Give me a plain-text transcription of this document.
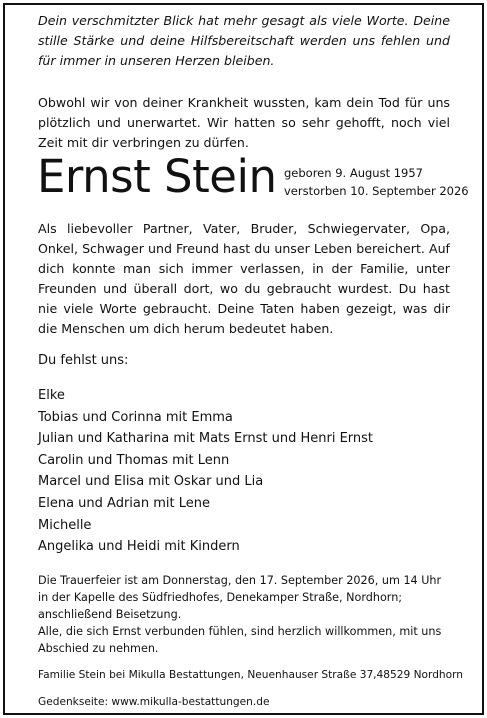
Dein verschmitzter Blick hat mehr gesagt als viele Worte. Deine stille Stärke und deine Hilfsbereitschaft werden uns fehlen und für immer in unseren Herzen bleiben.

Obwohl wir von deiner Krankheit wussten, kam dein Tod für uns plötzlich und unerwartet. Wir hatten so sehr gehofft, noch viel Zeit mit dir verbringen zu dürfen.

Ernst Stein geboren 9. August 1957
verstorben 10. September 2026

Als liebevoller Partner, Vater, Bruder, Schwiegervater, Opa, Onkel, Schwager und Freund hast du unser Leben bereichert. Auf dich konnte man sich immer verlassen, in der Familie, unter Freunden und überall dort, wo du gebraucht wurdest. Du hast nie viele Worte gebraucht. Deine Taten haben gezeigt, was dir die Menschen um dich herum bedeutet haben.

Du fehlst uns:

Elke
Tobias und Corinna mit Emma
Julian und Katharina mit Mats Ernst und Henri Ernst
Carolin und Thomas mit Lenn
Marcel und Elisa mit Oskar und Lia
Elena und Adrian mit Lene
Michelle
Angelika und Heidi mit Kindern

Die Trauerfeier ist am Donnerstag, den 17. September 2026, um 14 Uhr in der Kapelle des Südfriedhofes, Denekamper Straße, Nordhorn; anschließend Beisetzung.

Alle, die sich Ernst verbunden fühlen, sind herzlich willkommen, mit uns Abschied zu nehmen.

Familie Stein bei Mikulla Bestattungen, Neuenhauser Straße 37,48529 Nordhorn

Gedenkseite: www.mikulla-bestattungen.de
